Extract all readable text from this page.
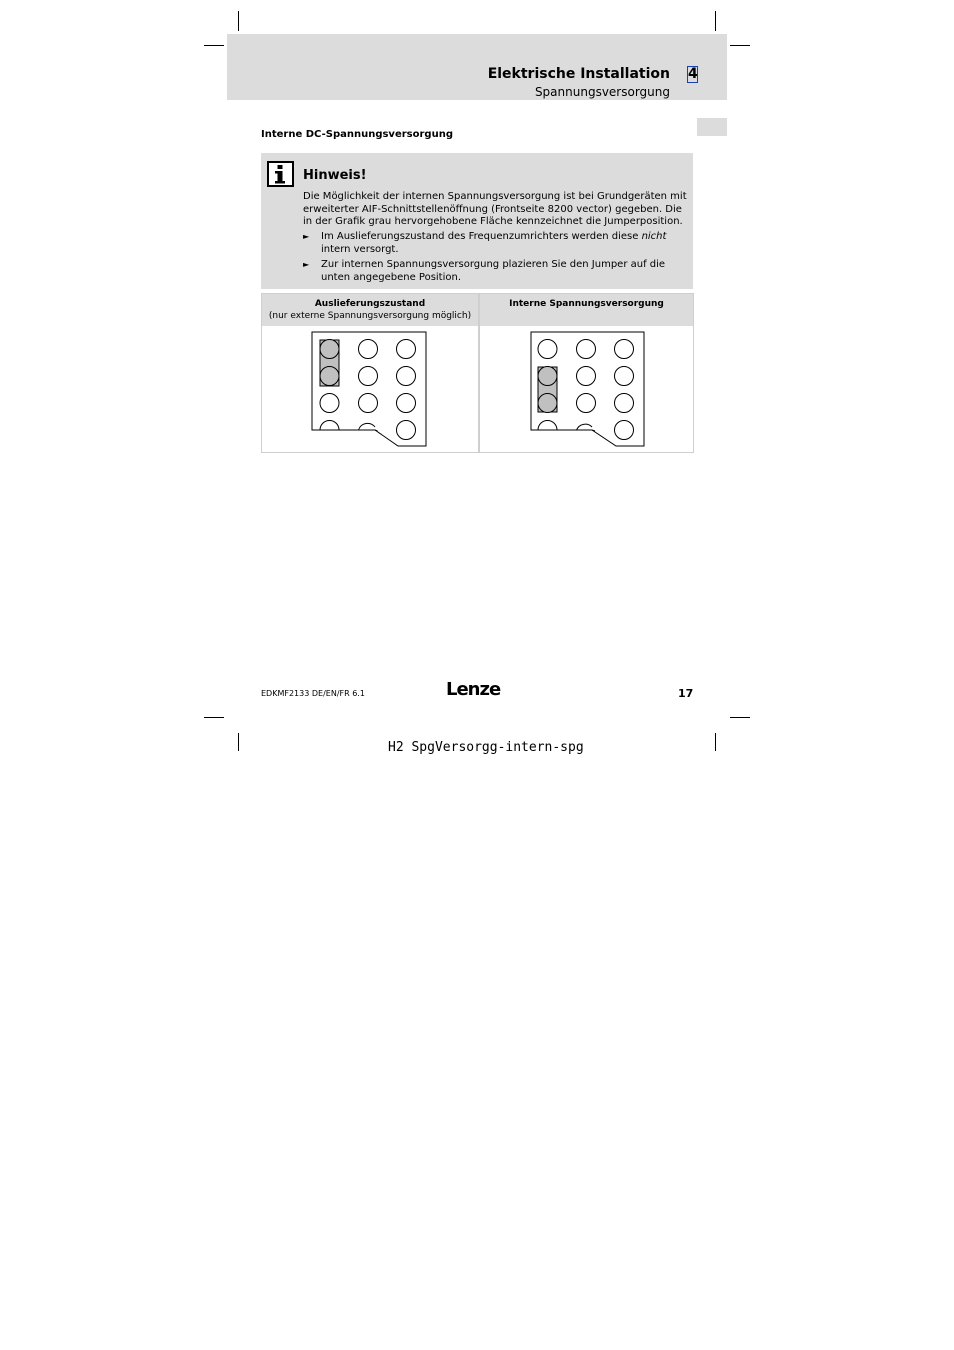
Elektrische Installation 4
Spannungsversorgung
Interne DC-Spannungsversorgung
Hinweis!
Die Möglichkeit der internen Spannungsversorgung ist bei Grundgeräten mit erweiterter AIF-Schnittstellenöffnung (Frontseite 8200 vector) gegeben. Die in der Grafik grau hervorgehobene Fläche kennzeichnet die Jumperposition.
► Im Auslieferungszustand des Frequenzumrichters werden diese nicht intern versorgt.
► Zur internen Spannungsversorgung plazieren Sie den Jumper auf die unten angegebene Position.
Auslieferungszustand
(nur externe Spannungsversorgung möglich)
Interne Spannungsversorgung
EDKMF2133 DE/EN/FR 6.1	Lenze	17
H2 SpgVersorgg-intern-spg
